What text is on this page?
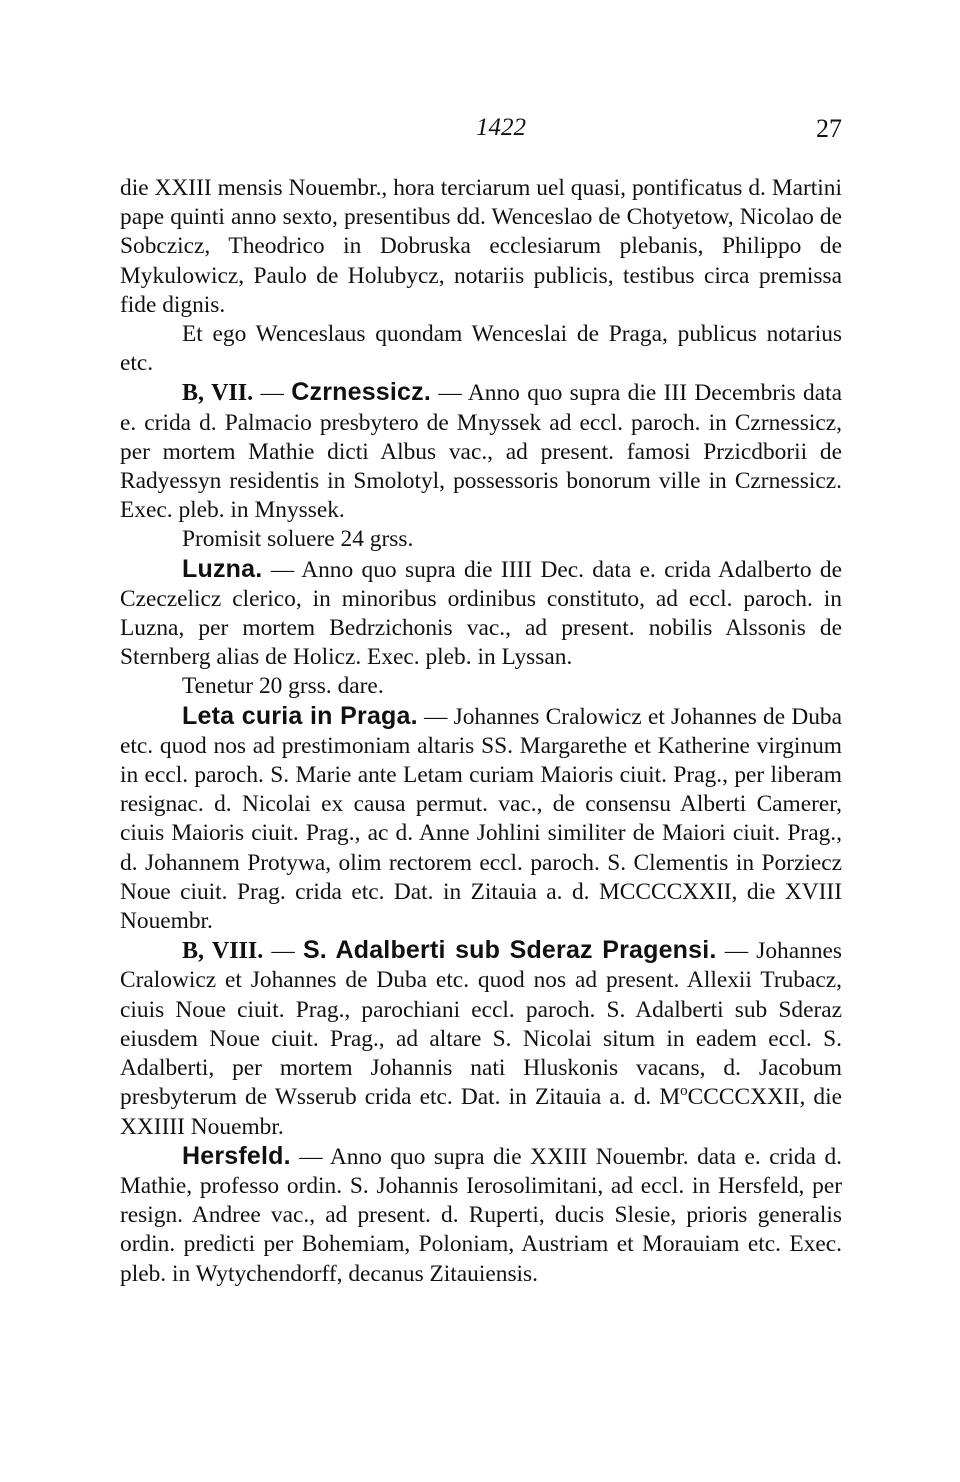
1422	27

die XXIII mensis Nouembr., hora terciarum uel quasi, pontificatus d. Martini pape quinti anno sexto, presentibus dd. Wenceslao de Chotyetow, Nicolao de Sobczicz, Theodrico in Dobruska ecclesiarum plebanis, Philippo de Mykulowicz, Paulo de Holubycz, notariis publicis, testibus circa premissa fide dignis.

Et ego Wenceslaus quondam Wenceslai de Praga, publicus notarius etc.

B, VII. — Czrnessicz. — Anno quo supra die III Decembris data e. crida d. Palmacio presbytero de Mnyssek ad eccl. paroch. in Czrnessicz, per mortem Mathie dicti Albus vac., ad present. famosi Przicdborii de Radyessyn residentis in Smolotyl, possessoris bonorum ville in Czrnessicz. Exec. pleb. in Mnyssek.

Promisit soluere 24 grss.

Luzna. — Anno quo supra die IIII Dec. data e. crida Adalberto de Czeczelicz clerico, in minoribus ordinibus constituto, ad eccl. paroch. in Luzna, per mortem Bedrzichonis vac., ad present. nobilis Alssonis de Sternberg alias de Holicz. Exec. pleb. in Lyssan.

Tenetur 20 grss. dare.

Leta curia in Praga. — Johannes Cralowicz et Johannes de Duba etc. quod nos ad prestimoniam altaris SS. Margarethe et Katherine virginum in eccl. paroch. S. Marie ante Letam curiam Maioris ciuit. Prag., per liberam resignac. d. Nicolai ex causa permut. vac., de consensu Alberti Camerer, ciuis Maioris ciuit. Prag., ac d. Anne Johlini similiter de Maiori ciuit. Prag., d. Johannem Protywa, olim rectorem eccl. paroch. S. Clementis in Porziecz Noue ciuit. Prag. crida etc. Dat. in Zitauia a. d. MCCCCXXII, die XVIII Nouembr.

B, VIII. — S. Adalberti sub Sderaz Pragensi. — Johannes Cralowicz et Johannes de Duba etc. quod nos ad present. Allexii Trubacz, ciuis Noue ciuit. Prag., parochiani eccl. paroch. S. Adalberti sub Sderaz eiusdem Noue ciuit. Prag., ad altare S. Nicolai situm in eadem eccl. S. Adalberti, per mortem Johannis nati Hluskonis vacans, d. Jacobum presbyterum de Wsserub crida etc. Dat. in Zitauia a. d. $M^oCCCCXXII$, die XXIIII Nouembr.

Hersfeld. — Anno quo supra die XXIII Nouembr. data e. crida d. Mathie, professo ordin. S. Johannis Ierosolimitani, ad eccl. in Hersfeld, per resign. Andree vac., ad present. d. Ruperti, ducis Slesie, prioris generalis ordin. predicti per Bohemiam, Poloniam, Austriam et Morauiam etc. Exec. pleb. in Wytychendorff, decanus Zitauiensis.
